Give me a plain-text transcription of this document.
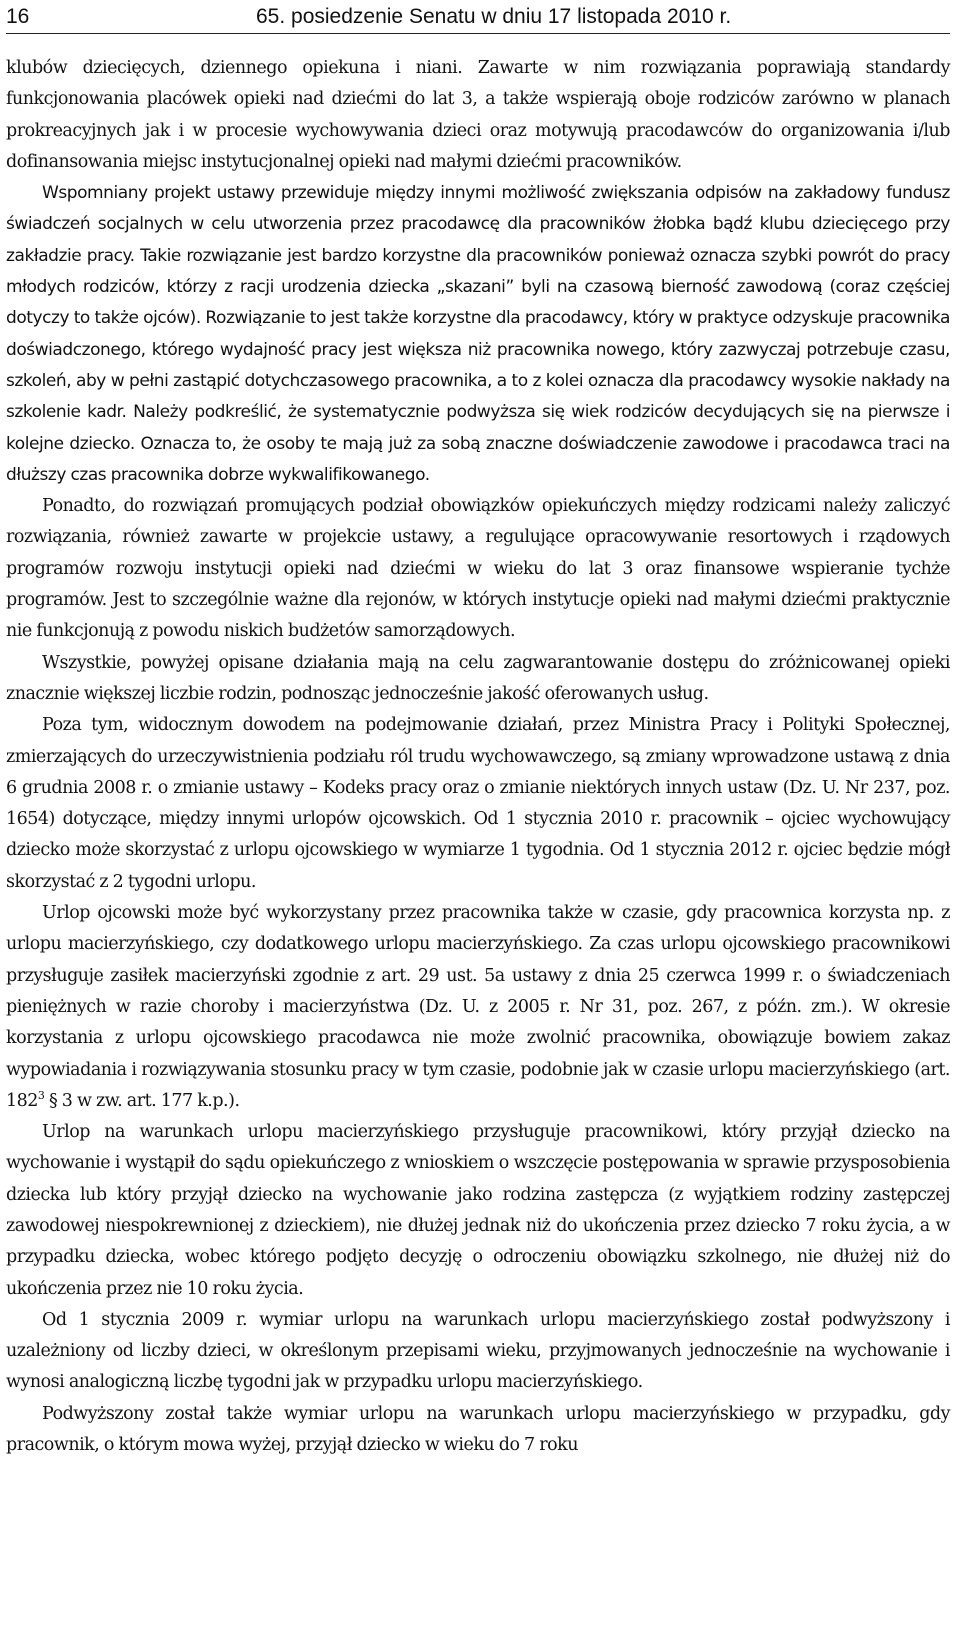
16	65. posiedzenie Senatu w dniu 17 listopada 2010 r.

klubów dziecięcych, dziennego opiekuna i niani. Zawarte w nim rozwiązania poprawiają standardy funkcjonowania placówek opieki nad dziećmi do lat 3, a także wspierają oboje rodziców zarówno w planach prokreacyjnych jak i w procesie wychowywania dzieci oraz motywują pracodawców do organizowania i/lub dofinansowania miejsc instytucjonalnej opieki nad małymi dziećmi pracowników.

Wspomniany projekt ustawy przewiduje między innymi możliwość zwiększania odpisów na zakładowy fundusz świadczeń socjalnych w celu utworzenia przez pracodawcę dla pracowników żłobka bądź klubu dziecięcego przy zakładzie pracy. Takie rozwiązanie jest bardzo korzystne dla pracowników ponieważ oznacza szybki powrót do pracy młodych rodziców, którzy z racji urodzenia dziecka „skazani” byli na czasową bierność zawodową (coraz częściej dotyczy to także ojców). Rozwiązanie to jest także korzystne dla pracodawcy, który w praktyce odzyskuje pracownika doświadczonego, którego wydajność pracy jest większa niż pracownika nowego, który zazwyczaj potrzebuje czasu, szkoleń, aby w pełni zastąpić dotychczasowego pracownika, a to z kolei oznacza dla pracodawcy wysokie nakłady na szkolenie kadr. Należy podkreślić, że systematycznie podwyższa się wiek rodziców decydujących się na pierwsze i kolejne dziecko. Oznacza to, że osoby te mają już za sobą znaczne doświadczenie zawodowe i pracodawca traci na dłuższy czas pracownika dobrze wykwalifikowanego.

Ponadto, do rozwiązań promujących podział obowiązków opiekuńczych między rodzicami należy zaliczyć rozwiązania, również zawarte w projekcie ustawy, a regulujące opracowywanie resortowych i rządowych programów rozwoju instytucji opieki nad dziećmi w wieku do lat 3 oraz finansowe wspieranie tychże programów. Jest to szczególnie ważne dla rejonów, w których instytucje opieki nad małymi dziećmi praktycznie nie funkcjonują z powodu niskich budżetów samorządowych.

Wszystkie, powyżej opisane działania mają na celu zagwarantowanie dostępu do zróżnicowanej opieki znacznie większej liczbie rodzin, podnosząc jednocześnie jakość oferowanych usług.

Poza tym, widocznym dowodem na podejmowanie działań, przez Ministra Pracy i Polityki Społecznej, zmierzających do urzeczywistnienia podziału ról trudu wychowawczego, są zmiany wprowadzone ustawą z dnia 6 grudnia 2008 r. o zmianie ustawy – Kodeks pracy oraz o zmianie niektórych innych ustaw (Dz. U. Nr 237, poz. 1654) dotyczące, między innymi urlopów ojcowskich. Od 1 stycznia 2010 r. pracownik – ojciec wychowujący dziecko może skorzystać z urlopu ojcowskiego w wymiarze 1 tygodnia. Od 1 stycznia 2012 r. ojciec będzie mógł skorzystać z 2 tygodni urlopu.

Urlop ojcowski może być wykorzystany przez pracownika także w czasie, gdy pracownica korzysta np. z urlopu macierzyńskiego, czy dodatkowego urlopu macierzyńskiego. Za czas urlopu ojcowskiego pracownikowi przysługuje zasiłek macierzyński zgodnie z art. 29 ust. 5a ustawy z dnia 25 czerwca 1999 r. o świadczeniach pieniężnych w razie choroby i macierzyństwa (Dz. U. z 2005 r. Nr 31, poz. 267, z późn. zm.). W okresie korzystania z urlopu ojcowskiego pracodawca nie może zwolnić pracownika, obowiązuje bowiem zakaz wypowiadania i rozwiązywania stosunku pracy w tym czasie, podobnie jak w czasie urlopu macierzyńskiego (art. $182^3$ § 3 w zw. art. 177 k.p.).

Urlop na warunkach urlopu macierzyńskiego przysługuje pracownikowi, który przyjął dziecko na wychowanie i wystąpił do sądu opiekuńczego z wnioskiem o wszczęcie postępowania w sprawie przysposobienia dziecka lub który przyjął dziecko na wychowanie jako rodzina zastępcza (z wyjątkiem rodziny zastępczej zawodowej niespokrewnionej z dzieckiem), nie dłużej jednak niż do ukończenia przez dziecko 7 roku życia, a w przypadku dziecka, wobec którego podjęto decyzję o odroczeniu obowiązku szkolnego, nie dłużej niż do ukończenia przez nie 10 roku życia.

Od 1 stycznia 2009 r. wymiar urlopu na warunkach urlopu macierzyńskiego został podwyższony i uzależniony od liczby dzieci, w określonym przepisami wieku, przyjmowanych jednocześnie na wychowanie i wynosi analogiczną liczbę tygodni jak w przypadku urlopu macierzyńskiego.

Podwyższony został także wymiar urlopu na warunkach urlopu macierzyńskiego w przypadku, gdy pracownik, o którym mowa wyżej, przyjął dziecko w wieku do 7 roku
